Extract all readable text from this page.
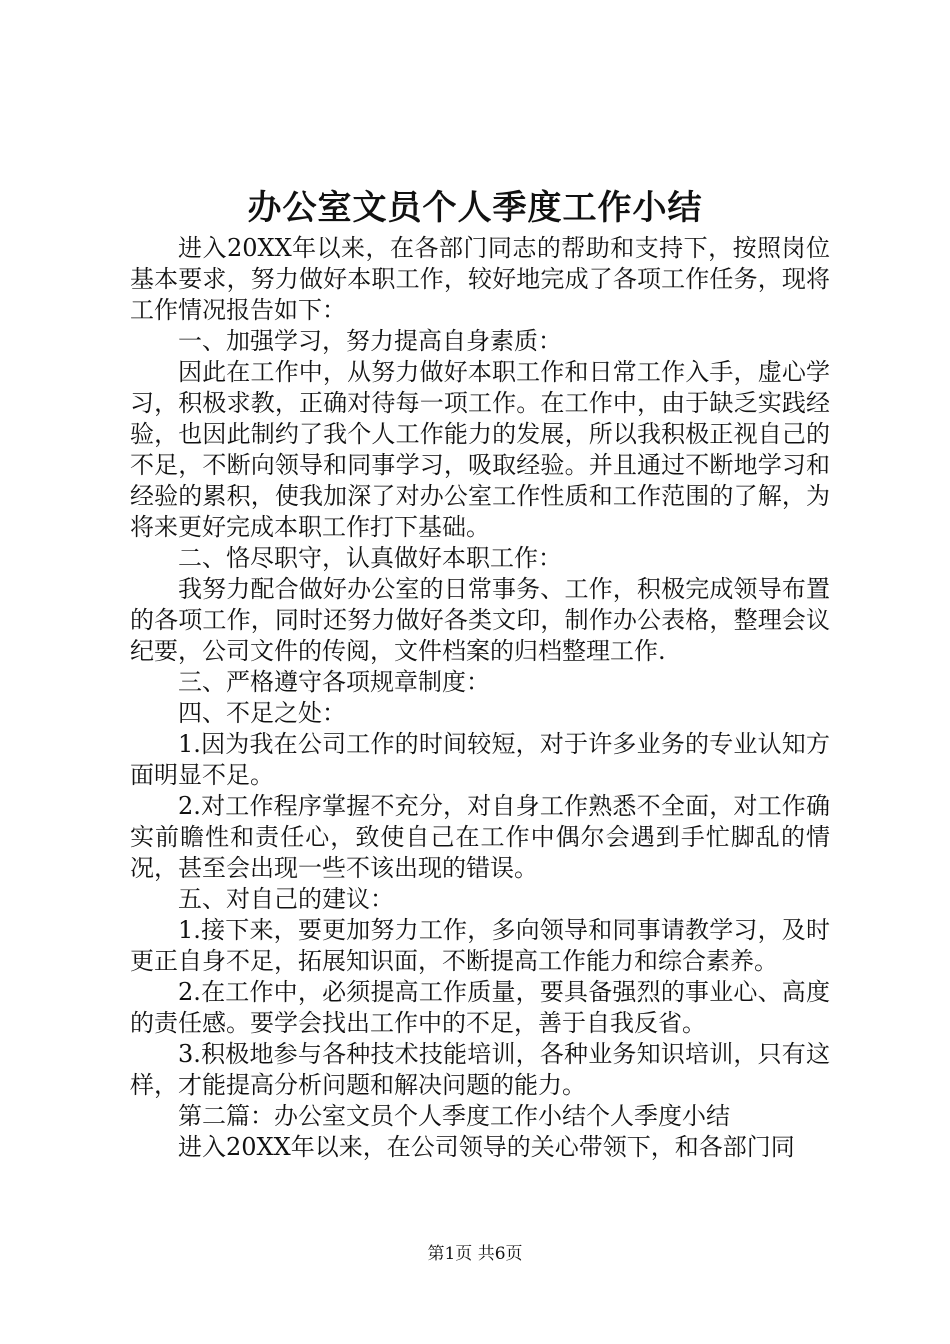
办公室文员个人季度工作小结

进入20XX年以来，在各部门同志的帮助和支持下，按照岗位基本要求，努力做好本职工作，较好地完成了各项工作任务，现将工作情况报告如下：

一、加强学习，努力提高自身素质：

因此在工作中，从努力做好本职工作和日常工作入手，虚心学习，积极求教，正确对待每一项工作。在工作中，由于缺乏实践经验，也因此制约了我个人工作能力的发展，所以我积极正视自己的不足，不断向领导和同事学习，吸取经验。并且通过不断地学习和经验的累积，使我加深了对办公室工作性质和工作范围的了解，为将来更好完成本职工作打下基础。

二、恪尽职守，认真做好本职工作：

我努力配合做好办公室的日常事务、工作，积极完成领导布置的各项工作，同时还努力做好各类文印，制作办公表格，整理会议纪要，公司文件的传阅，文件档案的归档整理工作.

三、严格遵守各项规章制度：

四、不足之处：

1.因为我在公司工作的时间较短，对于许多业务的专业认知方面明显不足。

2.对工作程序掌握不充分，对自身工作熟悉不全面，对工作确实前瞻性和责任心，致使自己在工作中偶尔会遇到手忙脚乱的情况，甚至会出现一些不该出现的错误。

五、对自己的建议：

1.接下来，要更加努力工作，多向领导和同事请教学习，及时更正自身不足，拓展知识面，不断提高工作能力和综合素养。

2.在工作中，必须提高工作质量，要具备强烈的事业心、高度的责任感。要学会找出工作中的不足，善于自我反省。

3.积极地参与各种技术技能培训，各种业务知识培训，只有这样，才能提高分析问题和解决问题的能力。

第二篇：办公室文员个人季度工作小结个人季度小结

进入20XX年以来，在公司领导的关心带领下，和各部门同

第1页 共6页
